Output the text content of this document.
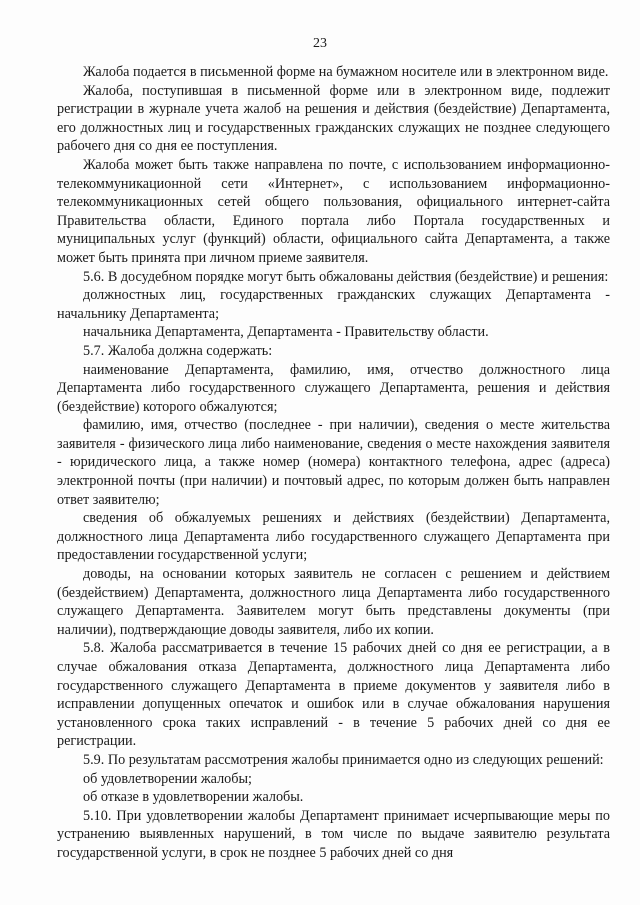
23

Жалоба подается в письменной форме на бумажном носителе или в электронном виде.

Жалоба, поступившая в письменной форме или в электронном виде, подлежит регистрации в журнале учета жалоб на решения и действия (бездействие) Департамента, его должностных лиц и государственных гражданских служащих не позднее следующего рабочего дня со дня ее поступления.

Жалоба может быть также направлена по почте, с использованием информационно-телекоммуникационной сети «Интернет», с использованием информационно-телекоммуникационных сетей общего пользования, официального интернет-сайта Правительства области, Единого портала либо Портала государственных и муниципальных услуг (функций) области, официального сайта Департамента, а также может быть принята при личном приеме заявителя.

5.6. В досудебном порядке могут быть обжалованы действия (бездействие) и решения:

должностных лиц, государственных гражданских служащих Департамента - начальнику Департамента;

начальника Департамента, Департамента - Правительству области.

5.7. Жалоба должна содержать:

наименование Департамента, фамилию, имя, отчество должностного лица Департамента либо государственного служащего Департамента, решения и действия (бездействие) которого обжалуются;

фамилию, имя, отчество (последнее - при наличии), сведения о месте жительства заявителя - физического лица либо наименование, сведения о месте нахождения заявителя - юридического лица, а также номер (номера) контактного телефона, адрес (адреса) электронной почты (при наличии) и почтовый адрес, по которым должен быть направлен ответ заявителю;

сведения об обжалуемых решениях и действиях (бездействии) Департамента, должностного лица Департамента либо государственного служащего Департамента при предоставлении государственной услуги;

доводы, на основании которых заявитель не согласен с решением и действием (бездействием) Департамента, должностного лица Департамента либо государственного служащего Департамента. Заявителем могут быть представлены документы (при наличии), подтверждающие доводы заявителя, либо их копии.

5.8. Жалоба рассматривается в течение 15 рабочих дней со дня ее регистрации, а в случае обжалования отказа Департамента, должностного лица Департамента либо государственного служащего Департамента в приеме документов у заявителя либо в исправлении допущенных опечаток и ошибок или в случае обжалования нарушения установленного срока таких исправлений - в течение 5 рабочих дней со дня ее регистрации.

5.9. По результатам рассмотрения жалобы принимается одно из следующих решений:

об удовлетворении жалобы;

об отказе в удовлетворении жалобы.

5.10. При удовлетворении жалобы Департамент принимает исчерпывающие меры по устранению выявленных нарушений, в том числе по выдаче заявителю результата государственной услуги, в срок не позднее 5 рабочих дней со дня
